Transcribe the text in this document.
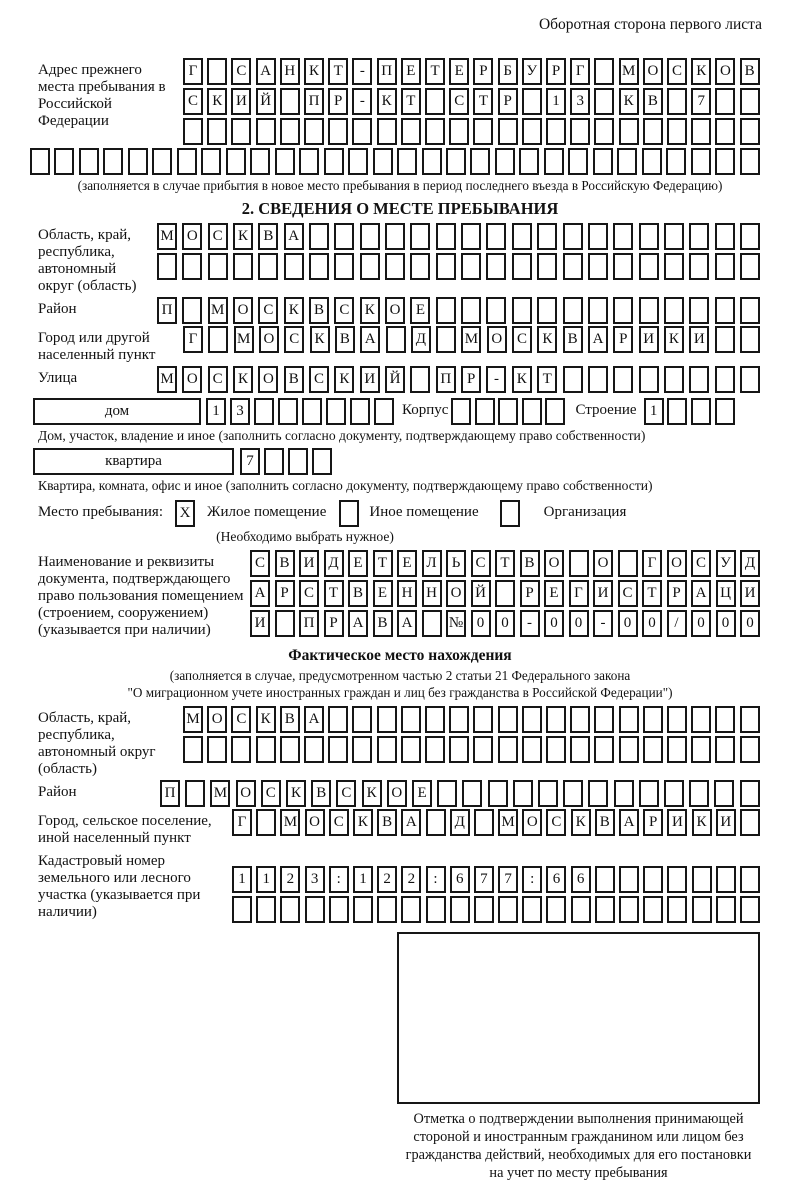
Оборотная сторона первого листа
Адрес прежнего места пребывания в Российской Федерации
Г	С А Н К Т	-	П Е	Т	Е	Р	Б У Р	Г	М О С К О В
С К И Й	П Р	-	К Т	С Т	Р	1	3	К В	7
(заполняется в случае прибытия в новое место пребывания в период последнего въезда в Российскую Федерацию)
2. СВЕДЕНИЯ О МЕСТЕ ПРЕБЫВАНИЯ
Область, край, республика, автономный округ (область)
М О С	К	В А
Район	П	М О С	К	В	С	К О	Е
Город или другой населенный пункт
Г	М О С	К	В А	Д	М О С	К	В А	Р	И К И
Улица	М О С	К О В	С	К И Й	П	Р	-	К	Т
дом	1	3	Корпус	Строение 1
Дом, участок, владение и иное (заполнить согласно документу, подтверждающему право собственности)
квартира	7
Квартира, комната, офис и иное (заполнить согласно документу, подтверждающему право собственности)
Место пребывания:	X	Жилое помещение	Иное помещение	Организация
(Необходимо выбрать нужное)
Наименование и реквизиты документа, подтверждающего право пользования помещением (строением, сооружением) (указывается при наличии)
С В И Д Е	Т	Е Л	Ь	С Т В О	О	Г О С У Д
А Р	С Т В Е Н Н О Й	Р	Е	Г И С Т	Р А Ц И
И	П Р А В А	№ 0	0	-	0	0	-	0	0	/	0	0	0
Фактическое место нахождения
(заполняется в случае, предусмотренном частью 2 статьи 21 Федерального закона
"О миграционном учете иностранных граждан и лиц без гражданства в Российской Федерации")
Область, край, республика, автономный округ (область)
М О С К В А
Район	П	М О С	К	В	С	К О	Е
Город, сельское поселение, иной населенный пункт
Г	М О С К В А	Д	М О С К В А Р И К И
Кадастровый номер земельного или лесного участка (указывается при наличии)
1	1	2	3	:	1	2	2	:	6	7	7	:	6	6
Отметка о подтверждении выполнения принимающей стороной и иностранным гражданином или лицом без гражданства действий, необходимых для его постановки на учет по месту пребывания
